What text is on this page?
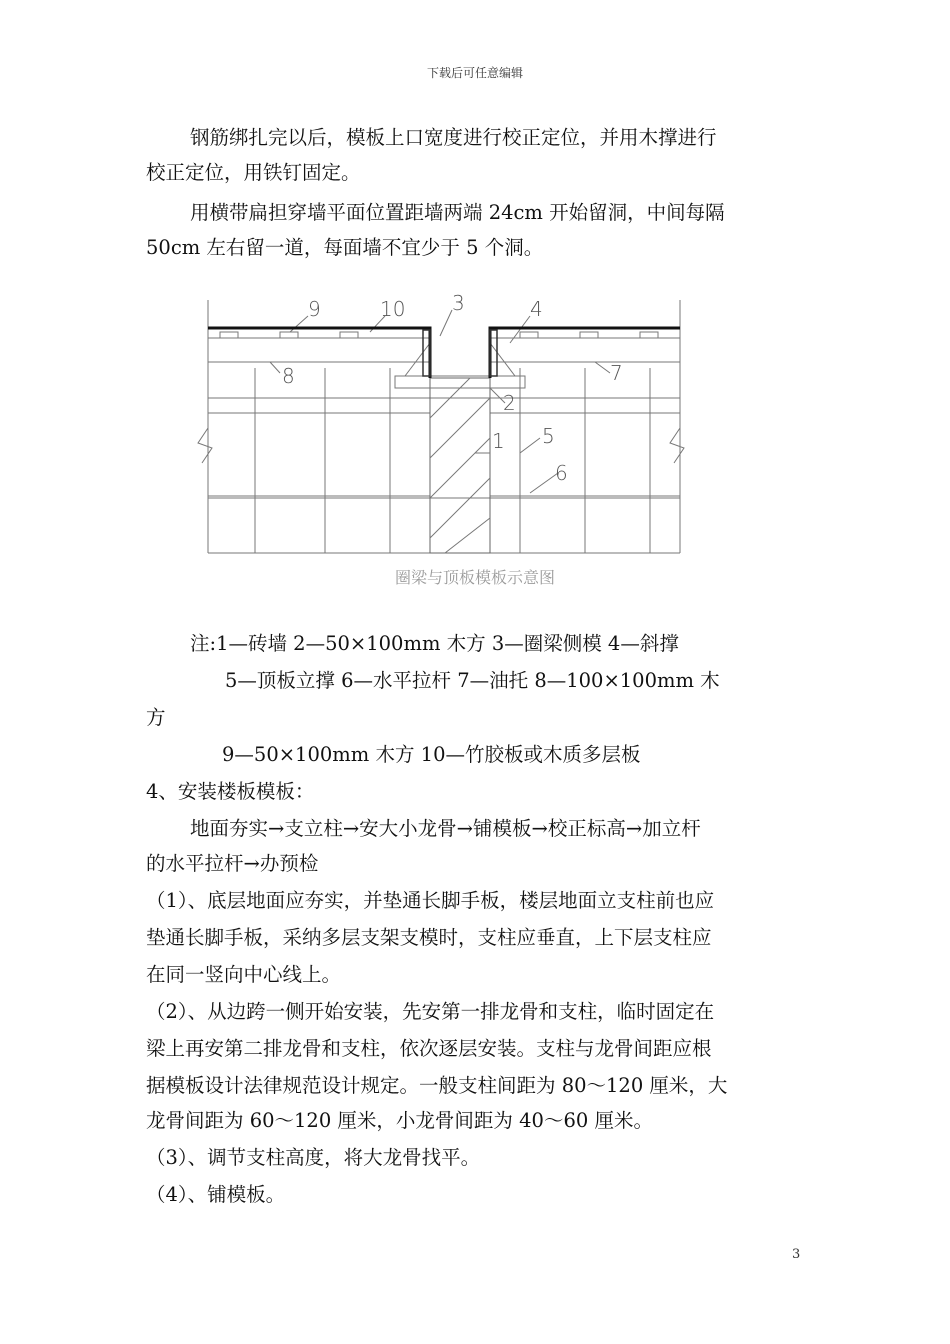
下载后可任意编辑
钢筋绑扎完以后，模板上口宽度进行校正定位，并用木撑进行
校正定位，用铁钉固定。
用横带扁担穿墙平面位置距墙两端 24cm 开始留洞，中间每隔
50cm 左右留一道，每面墙不宜少于 5 个洞。
9	10 3	4
8	7
2
1 5
6
圈梁与顶板模板示意图
注:1—砖墙 2—50×100mm 木方 3—圈梁侧模 4—斜撑
5—顶板立撑 6—水平拉杆 7—油托 8—100×100mm 木
方
9—50×100mm 木方 10—竹胶板或木质多层板
4、安装楼板模板：
地面夯实→支立柱→安大小龙骨→铺模板→校正标高→加立杆
的水平拉杆→办预检
（1）、底层地面应夯实，并垫通长脚手板，楼层地面立支柱前也应
垫通长脚手板，采纳多层支架支模时，支柱应垂直，上下层支柱应
在同一竖向中心线上。
（2）、从边跨一侧开始安装，先安第一排龙骨和支柱，临时固定在
梁上再安第二排龙骨和支柱，依次逐层安装。支柱与龙骨间距应根
据模板设计法律规范设计规定。一般支柱间距为 80～120 厘米，大
龙骨间距为 60～120 厘米，小龙骨间距为 40～60 厘米。
（3）、调节支柱高度，将大龙骨找平。
（4）、铺模板。
3
